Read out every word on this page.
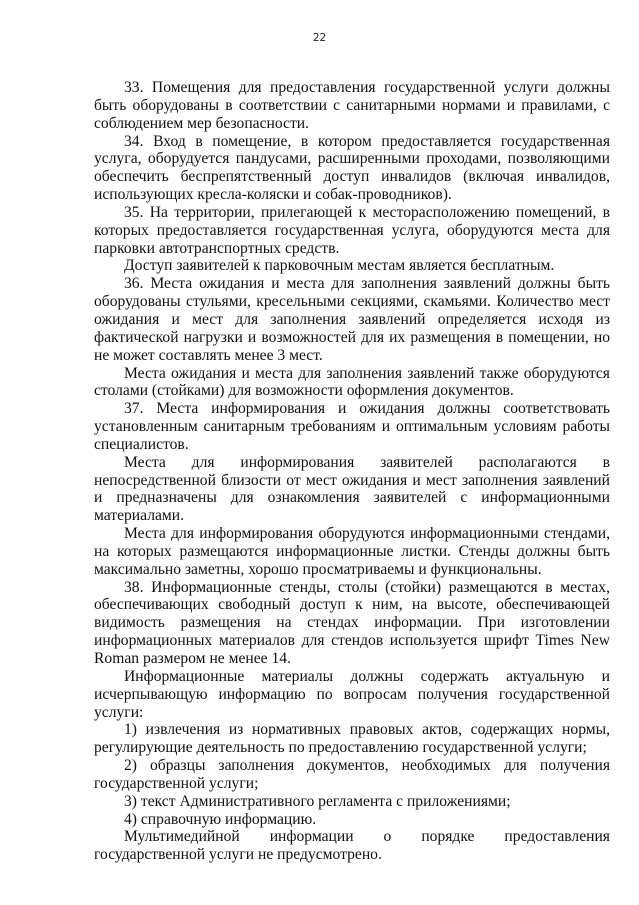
22

33. Помещения для предоставления государственной услуги должны быть оборудованы в соответствии с санитарными нормами и правилами, с соблюдением мер безопасности.

34. Вход в помещение, в котором предоставляется государственная услуга, оборудуется пандусами, расширенными проходами, позволяющими обеспечить беспрепятственный доступ инвалидов (включая инвалидов, использующих кресла-коляски и собак-проводников).

35. На территории, прилегающей к месторасположению помещений, в которых предоставляется государственная услуга, оборудуются места для парковки автотранспортных средств.

Доступ заявителей к парковочным местам является бесплатным.

36. Места ожидания и места для заполнения заявлений должны быть оборудованы стульями, кресельными секциями, скамьями. Количество мест ожидания и мест для заполнения заявлений определяется исходя из фактической нагрузки и возможностей для их размещения в помещении, но не может составлять менее 3 мест.

Места ожидания и места для заполнения заявлений также оборудуются столами (стойками) для возможности оформления документов.

37. Места информирования и ожидания должны соответствовать установленным санитарным требованиям и оптимальным условиям работы специалистов.

Места для информирования заявителей располагаются в непосредственной близости от мест ожидания и мест заполнения заявлений и предназначены для ознакомления заявителей с информационными материалами.

Места для информирования оборудуются информационными стендами, на которых размещаются информационные листки. Стенды должны быть максимально заметны, хорошо просматриваемы и функциональны.

38. Информационные стенды, столы (стойки) размещаются в местах, обеспечивающих свободный доступ к ним, на высоте, обеспечивающей видимость размещения на стендах информации. При изготовлении информационных материалов для стендов используется шрифт Times New Roman размером не менее 14.

Информационные материалы должны содержать актуальную и исчерпывающую информацию по вопросам получения государственной услуги:

1) извлечения из нормативных правовых актов, содержащих нормы, регулирующие деятельность по предоставлению государственной услуги;

2) образцы заполнения документов, необходимых для получения государственной услуги;

3) текст Административного регламента с приложениями;

4) справочную информацию.

Мультимедийной информации о порядке предоставления государственной услуги не предусмотрено.
